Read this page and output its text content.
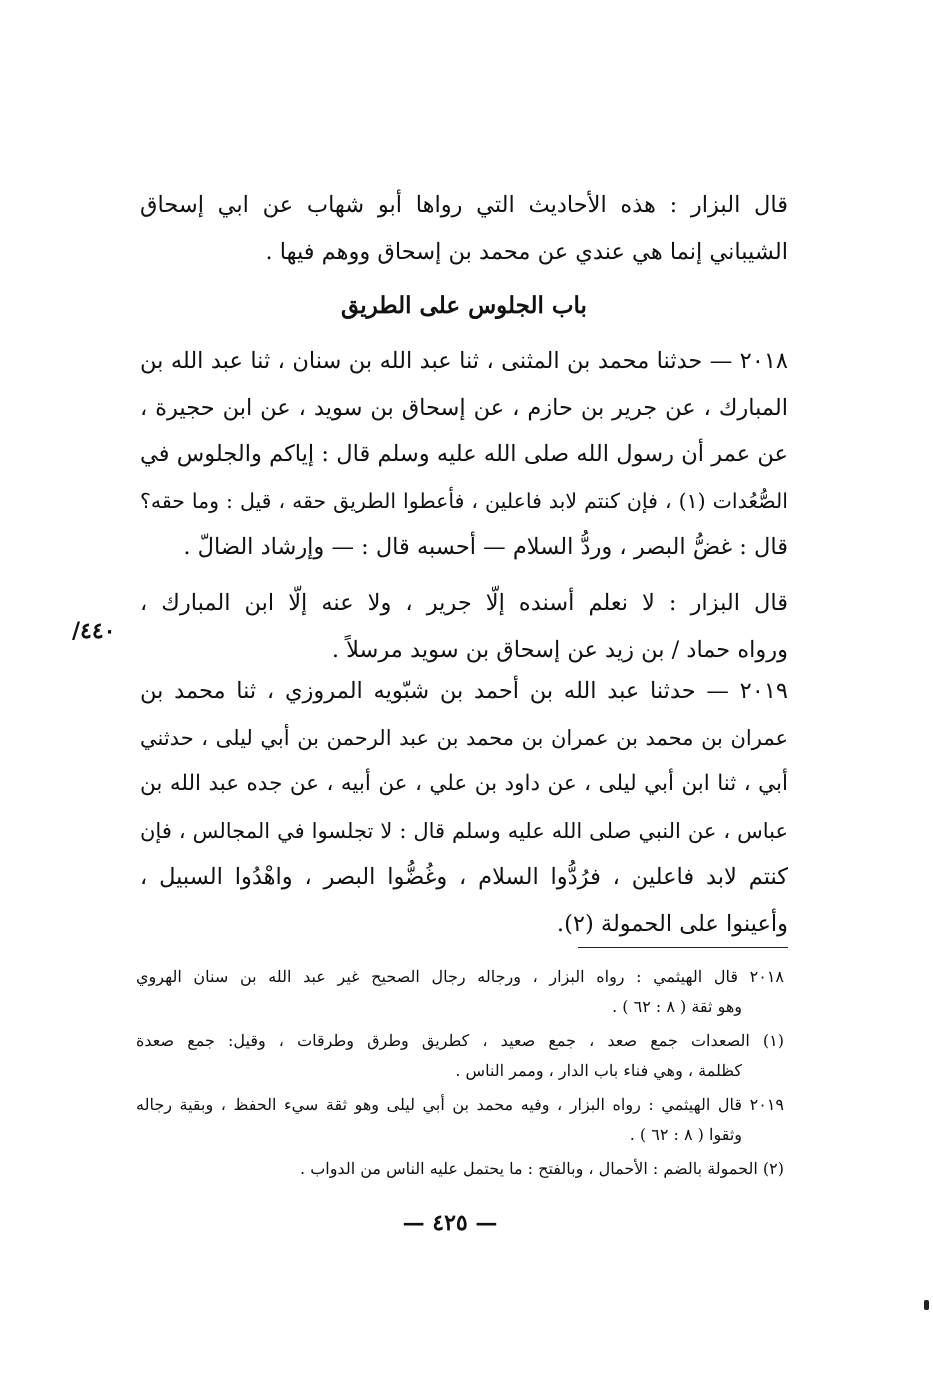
قال البزار : هذه الأحاديث التي رواها أبو شهاب عن ابي إسحاق
الشيباني إنما هي عندي عن محمد بن إسحاق ووهم فيها .
باب الجلوس على الطريق
٢٠١٨ — حدثنا محمد بن المثنى ، ثنا عبد الله بن سنان ، ثنا عبد الله بن
المبارك ، عن جرير بن حازم ، عن إسحاق بن سويد ، عن ابن حجيرة ،
عن عمر أن رسول الله صلى الله عليه وسلم قال : إياكم والجلوس في
الصُّعُدات (١) ، فإن كنتم لابد فاعلين ، فأعطوا الطريق حقه ، قيل : وما حقه؟
قال : غضُّ البصر ، وردُّ السلام — أحسبه قال : — وإرشاد الضالّ .
قال البزار : لا نعلم أسنده إلّا جرير ، ولا عنه إلّا ابن المبارك ،
ورواه حماد / بن زيد عن إسحاق بن سويد مرسلاً .
٤٤٠/
٢٠١٩ — حدثنا عبد الله بن أحمد بن شبّويه المروزي ، ثنا محمد بن
عمران بن محمد بن عمران بن محمد بن عبد الرحمن بن أبي ليلى ، حدثني
أبي ، ثنا ابن أبي ليلى ، عن داود بن علي ، عن أبيه ، عن جده عبد الله بن
عباس ، عن النبي صلى الله عليه وسلم قال : لا تجلسوا في المجالس ، فإن
كنتم لابد فاعلين ، فرُدُّوا السلام ، وغُضُّوا البصر ، واهْدُوا السبيل ،
وأعينوا على الحمولة (٢).
٢٠١٨ قال الهيثمي : رواه البزار ، ورجاله رجال الصحيح غير عبد الله بن سنان الهروي
وهو ثقة ( ٨ : ٦٢ ) .
(١) الصعدات جمع صعد ، جمع صعيد ، كطريق وطرق وطرقات ، وقيل: جمع صعدة
كظلمة ، وهي فناء باب الدار ، وممر الناس .
٢٠١٩ قال الهيثمي : رواه البزار ، وفيه محمد بن أبي ليلى وهو ثقة سيء الحفظ ، وبقية رجاله
وثقوا ( ٨ : ٦٢ ) .
(٢) الحمولة بالضم : الأحمال ، وبالفتح : ما يحتمل عليه الناس من الدواب .
— ٤٢٥ —
